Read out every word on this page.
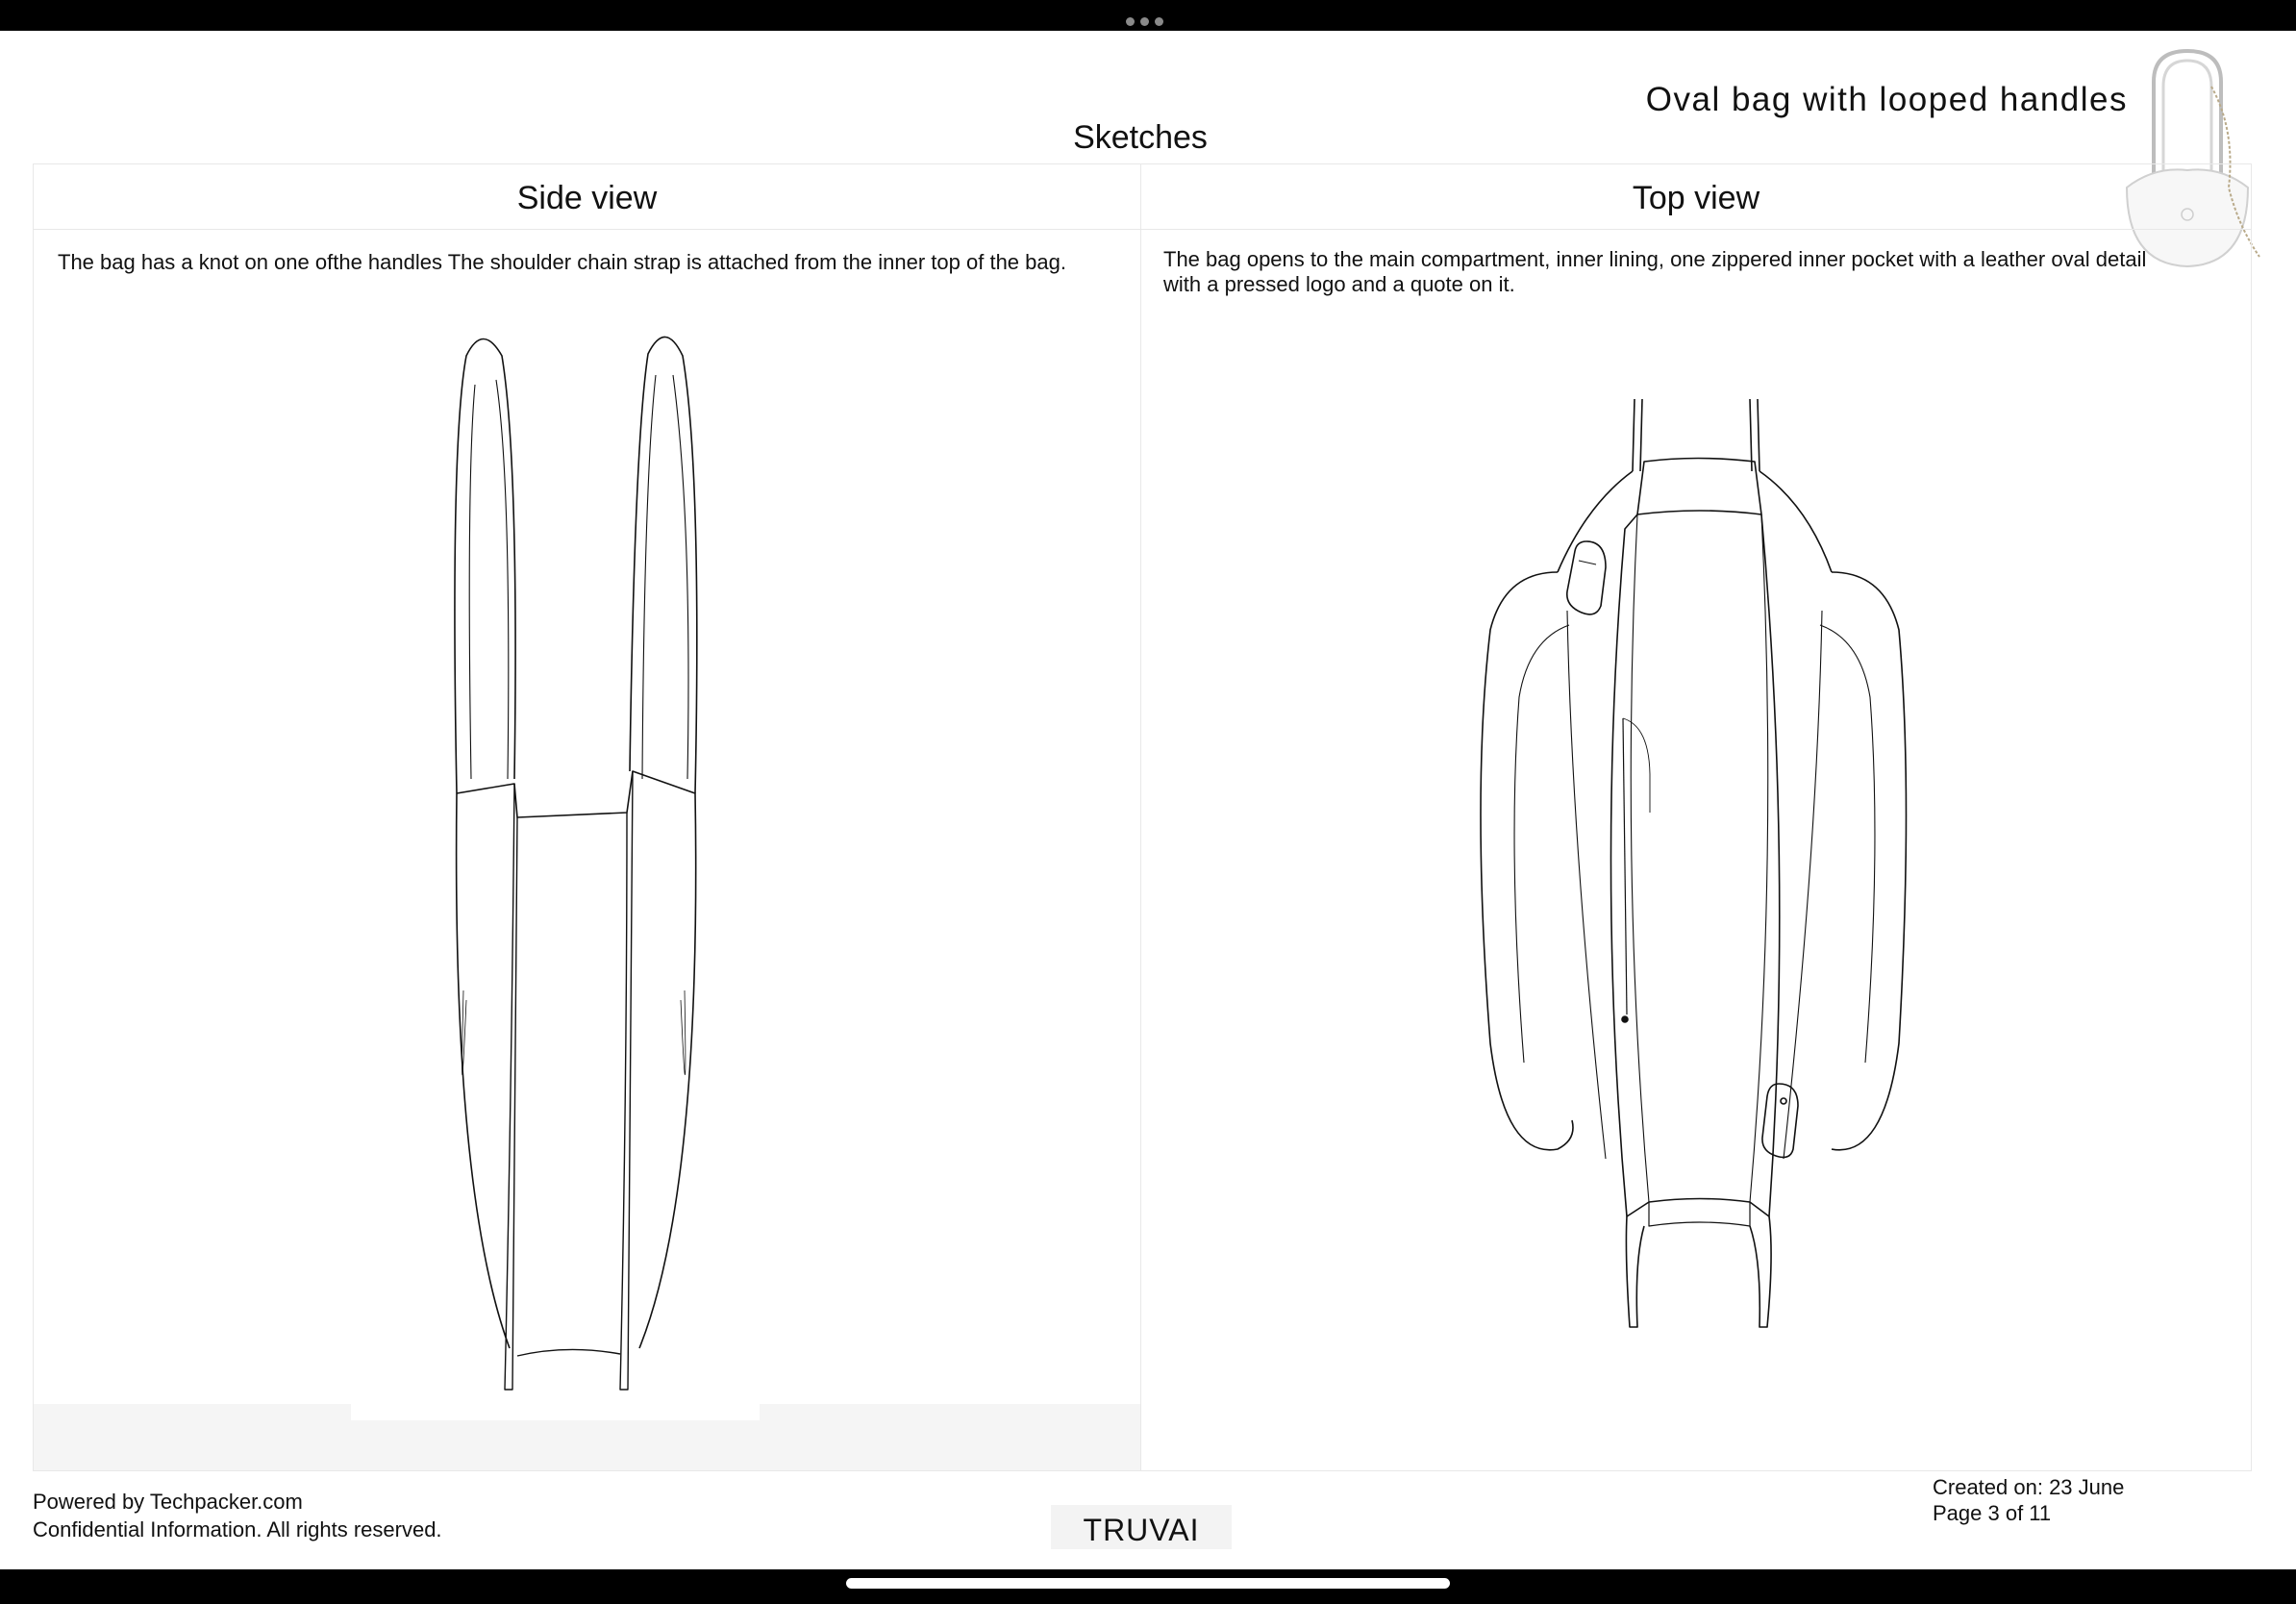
Oval bag with looped handles
Sketches
Side view	Top view
The bag has a knot on one ofthe handles The shoulder chain strap is attached from the inner top of the bag.	The bag opens to the main compartment, inner lining, one zippered inner pocket with a leather oval detail with a pressed logo and a quote on it.
Powered by Techpacker.com
Confidential Information. All rights reserved.	TRUVAI
Created on: 23 June
Page 3 of 11
